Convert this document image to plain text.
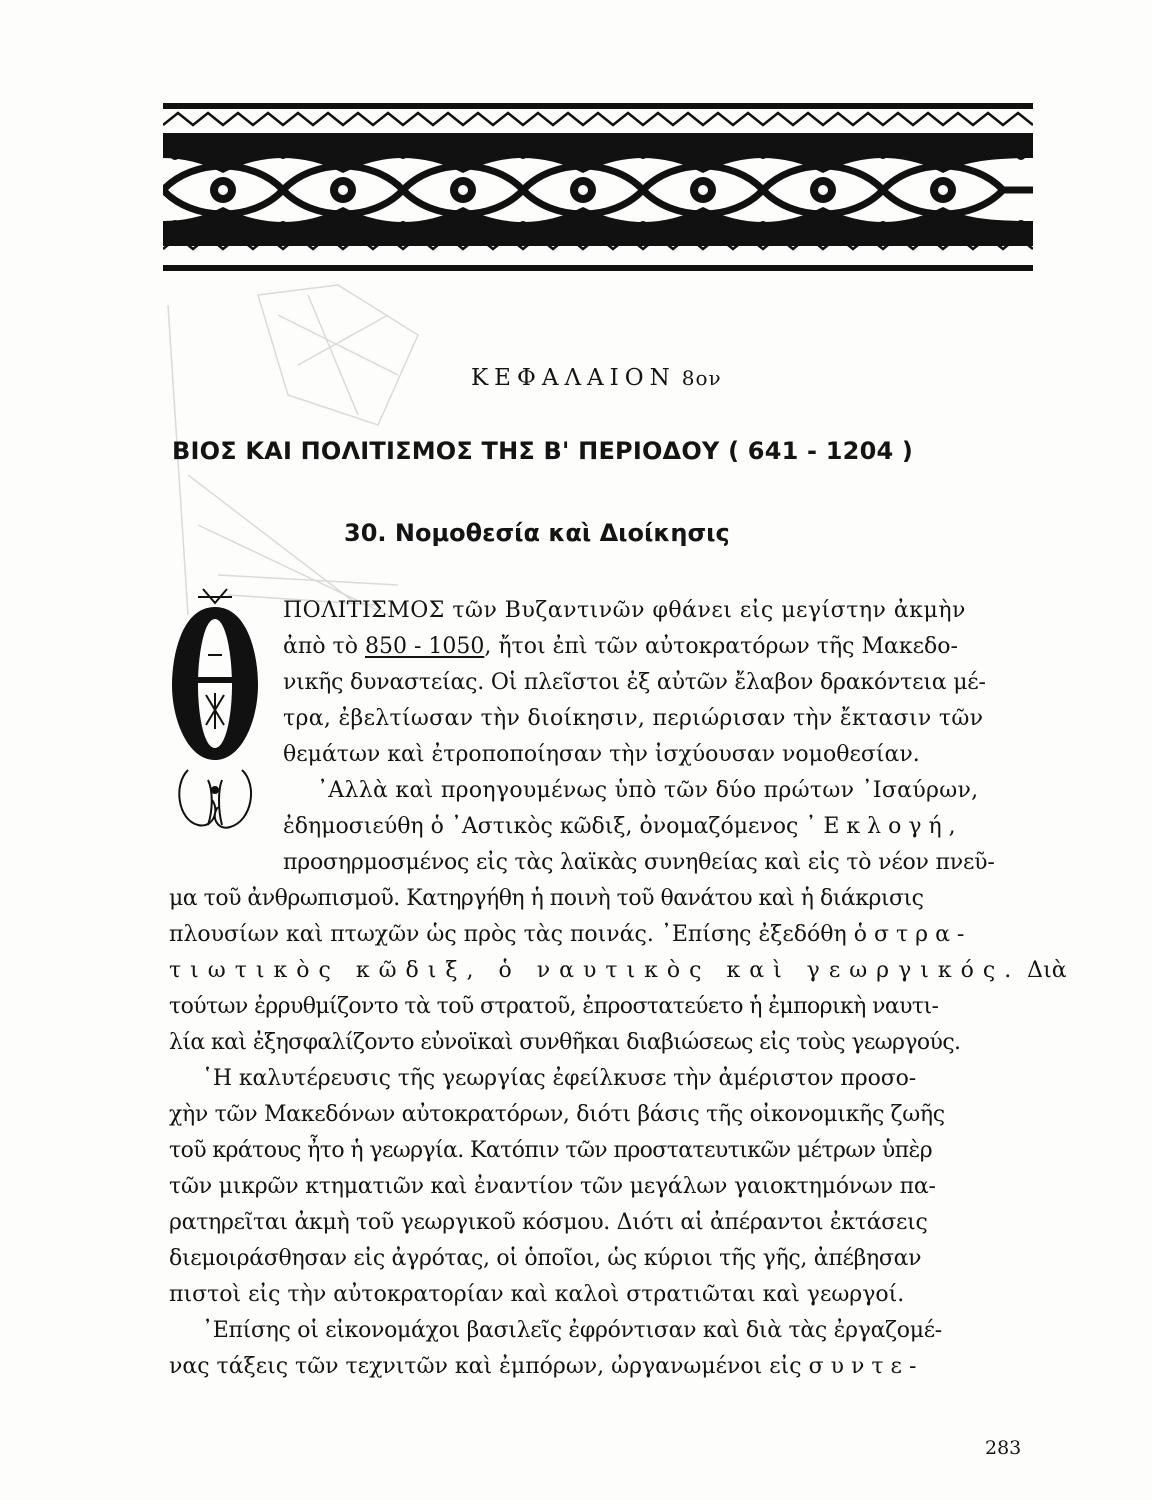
ΚΕΦΑΛΑΙΟΝ 8ον
ΒΙΟΣ ΚΑΙ ΠΟΛΙΤΙΣΜΟΣ ΤΗΣ Β' ΠΕΡΙΟΔΟΥ ( 641 - 1204 )
30. Νομοθεσία καὶ Διοίκησις
ΠΟΛΙΤΙΣΜΟΣ τῶν Βυζαντινῶν φθάνει εἰς μεγίστην ἀκμὴν
ἀπὸ τὸ 850 - 1050, ἤτοι ἐπὶ τῶν αὐτοκρατόρων τῆς Μακεδο-
νικῆς δυναστείας. Οἱ πλεῖστοι ἐξ αὐτῶν ἔλαβον δρακόντεια μέ-
τρα, ἐβελτίωσαν τὴν διοίκησιν, περιώρισαν τὴν ἔκτασιν τῶν
θεμάτων καὶ ἐτροποποίησαν τὴν ἰσχύουσαν νομοθεσίαν.
᾿Αλλὰ καὶ προηγουμένως ὑπὸ τῶν δύο πρώτων ᾿Ισαύρων,
ἐδημοσιεύθη ὁ ᾿Αστικὸς κῶδιξ, ὀνομαζόμενος ᾿Εκλογή,
προσηρμοσμένος εἰς τὰς λαϊκὰς συνηθείας καὶ εἰς τὸ νέον πνεῦ-
μα τοῦ ἀνθρωπισμοῦ. Κατηργήθη ἡ ποινὴ τοῦ θανάτου καὶ ἡ διάκρισις
πλουσίων καὶ πτωχῶν ὡς πρὸς τὰς ποινάς. ᾿Επίσης ἐξεδόθη ὁ στρα-
τιωτικὸς κῶδιξ, ὁ ναυτικὸς καὶ γεωργικός. Διὰ
τούτων ἐρρυθμίζοντο τὰ τοῦ στρατοῦ, ἐπροστατεύετο ἡ ἐμπορικὴ ναυτι-
λία καὶ ἐξησφαλίζοντο εὐνοϊκαὶ συνθῆκαι διαβιώσεως εἰς τοὺς γεωργούς.
῾Η καλυτέρευσις τῆς γεωργίας ἐφείλκυσε τὴν ἀμέριστον προσο-
χὴν τῶν Μακεδόνων αὐτοκρατόρων, διότι βάσις τῆς οἰκονομικῆς ζωῆς
τοῦ κράτους ἦτο ἡ γεωργία. Κατόπιν τῶν προστατευτικῶν μέτρων ὑπὲρ
τῶν μικρῶν κτηματιῶν καὶ ἐναντίον τῶν μεγάλων γαιοκτημόνων πα-
ρατηρεῖται ἀκμὴ τοῦ γεωργικοῦ κόσμου. Διότι αἱ ἀπέραντοι ἐκτάσεις
διεμοιράσθησαν εἰς ἀγρότας, οἱ ὁποῖοι, ὡς κύριοι τῆς γῆς, ἀπέβησαν
πιστοὶ εἰς τὴν αὐτοκρατορίαν καὶ καλοὶ στρατιῶται καὶ γεωργοί.
᾿Επίσης οἱ εἰκονομάχοι βασιλεῖς ἐφρόντισαν καὶ διὰ τὰς ἐργαζομέ-
νας τάξεις τῶν τεχνιτῶν καὶ ἐμπόρων, ὠργανωμένοι εἰς συντε-
283
